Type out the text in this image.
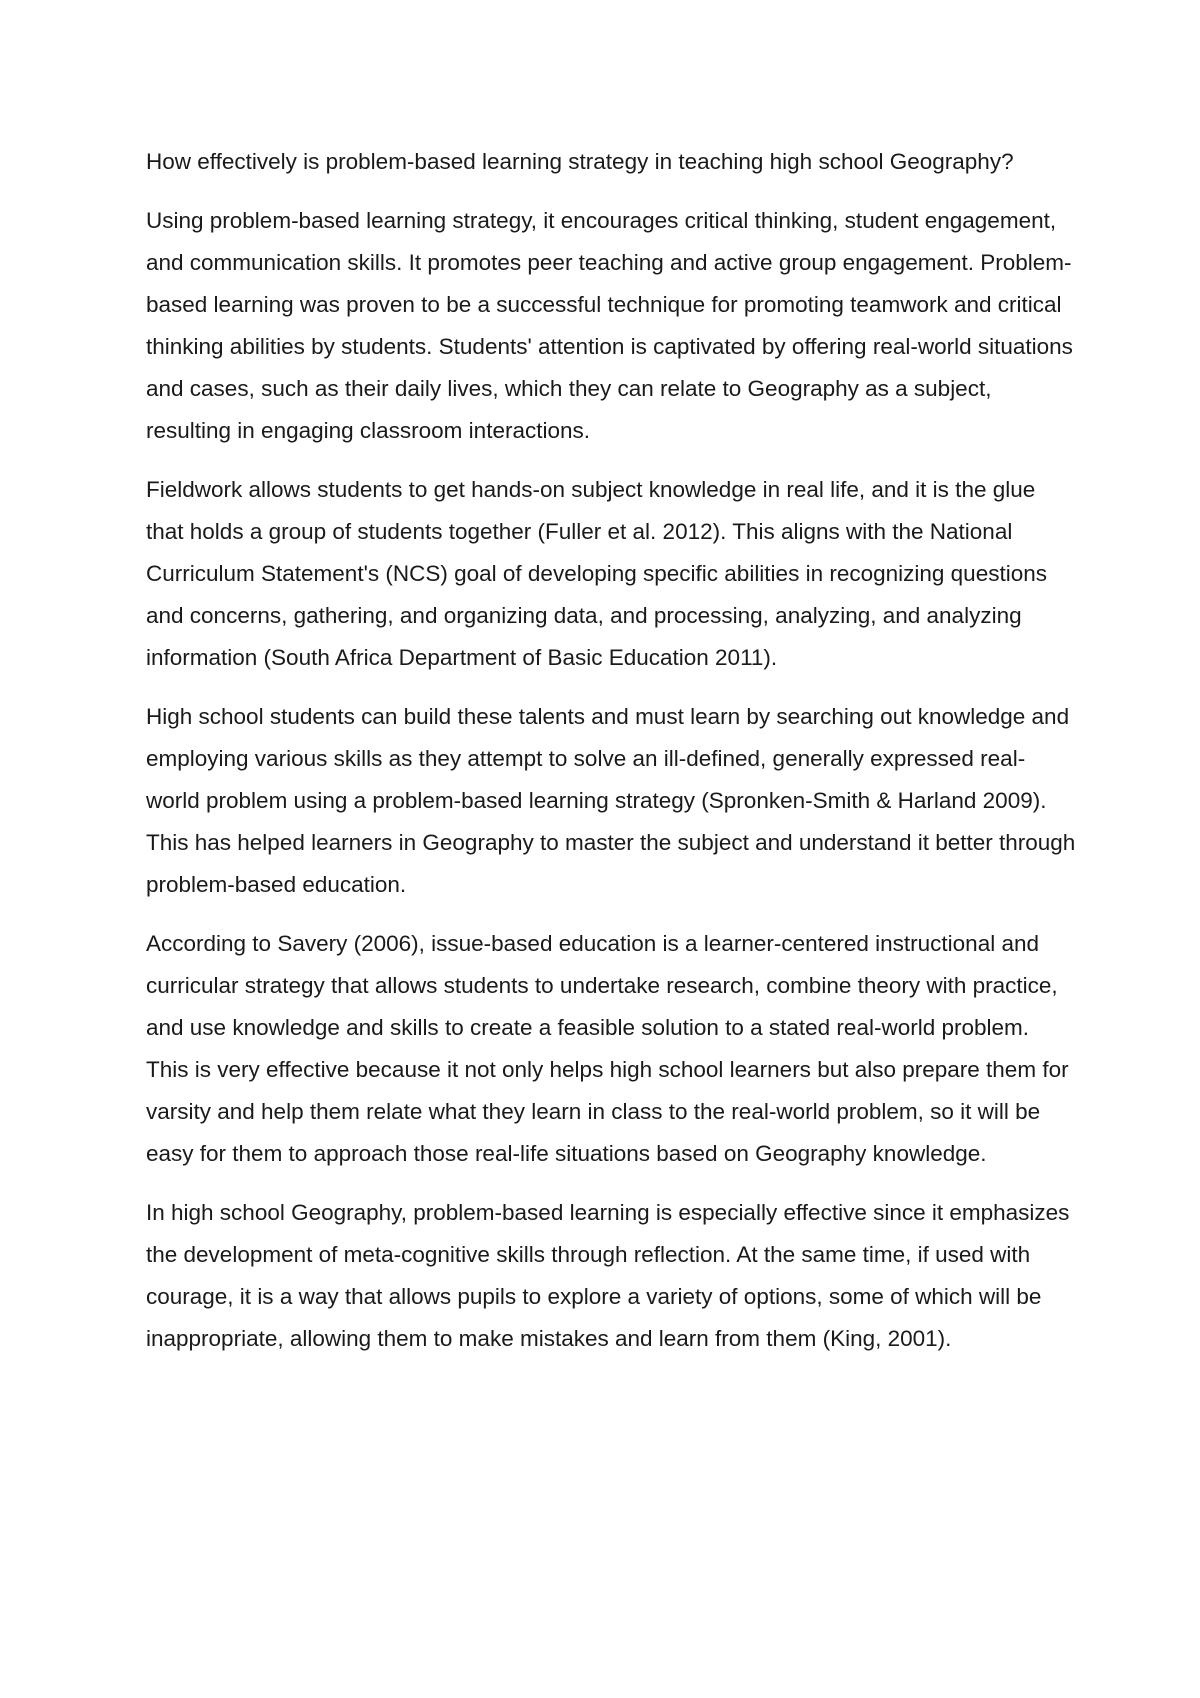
How effectively is problem-based learning strategy in teaching high school Geography?

Using problem-based learning strategy, it encourages critical thinking, student engagement, and communication skills. It promotes peer teaching and active group engagement. Problem-based learning was proven to be a successful technique for promoting teamwork and critical thinking abilities by students. Students' attention is captivated by offering real-world situations and cases, such as their daily lives, which they can relate to Geography as a subject, resulting in engaging classroom interactions.

Fieldwork allows students to get hands-on subject knowledge in real life, and it is the glue that holds a group of students together (Fuller et al. 2012). This aligns with the National Curriculum Statement's (NCS) goal of developing specific abilities in recognizing questions and concerns, gathering, and organizing data, and processing, analyzing, and analyzing information (South Africa Department of Basic Education 2011).

High school students can build these talents and must learn by searching out knowledge and employing various skills as they attempt to solve an ill-defined, generally expressed real-world problem using a problem-based learning strategy (Spronken-Smith & Harland 2009). This has helped learners in Geography to master the subject and understand it better through problem-based education.

According to Savery (2006), issue-based education is a learner-centered instructional and curricular strategy that allows students to undertake research, combine theory with practice, and use knowledge and skills to create a feasible solution to a stated real-world problem. This is very effective because it not only helps high school learners but also prepare them for varsity and help them relate what they learn in class to the real-world problem, so it will be easy for them to approach those real-life situations based on Geography knowledge.

In high school Geography, problem-based learning is especially effective since it emphasizes the development of meta-cognitive skills through reflection. At the same time, if used with courage, it is a way that allows pupils to explore a variety of options, some of which will be inappropriate, allowing them to make mistakes and learn from them (King, 2001).
